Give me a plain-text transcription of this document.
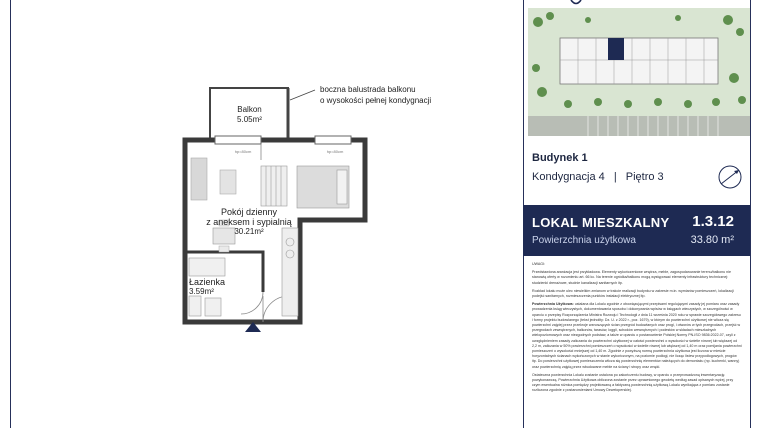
Balkon
5.05m²
hp=80cm	hp=80cm
Pokój dzienny
z aneksem i sypialnią
30.21m²
Łazienka
3.59m²
boczna balustrada balkonu
o wysokości pełnej kondygnacji
Budynek 1
Kondygnacja 4 | Piętro 3
LOKAL MIESZKALNY
Powierzchnia użytkowa
1.3.12
33.80 m²

UWAGI:

Przedstawiona aranżacja jest przykładowa. Elementy wykończeniowe wnętrza, meble, zagospodarowanie terenu/balkonu nie stanowią oferty w rozumieniu art. 66 kc. Na terenie ogródka/balkonu mogą występować elementy infrastruktury technicznej: studzienki drenażowe, studnie kanalizacji sanitarnych itp.

Rozkład lokalu może ulec niewielkim zmianom w trakcie realizacji budynku w zakresie m.in. wymiarów pomieszczeń, lokalizacji podejść sanitarnych, rozmieszczenia punktów instalacji elektrycznej itp.

Powierzchnia Użytkowa: ustalana dla Lokalu zgodnie z obowiązującymi przepisami regulującymi zasady jej pomiaru oraz zasady prowadzenia ksiąg wieczystych, dokumentowania sposobu i dokonywania wpisów w księgach wieczystych, w szczególności w oparciu o przepisy Rozporządzenia Ministra Rozwoju i Technologii z dnia 11 września 2020 roku w sprawie szczegółowego zakresu i formy projektu budowlanego (tekst jednolity: Dz. U. z 2022 r., poz. 1679), w którym do powierzchni użytkowej nie wlicza się powierzchni zajętej przez przekroje wznoszących ścian przegród budowlanych oraz progi, i otworów w tych przegrodach, przejść w przegrodach zewnętrznych, balkonów, tarasów, loggii, schodów wewnętrznych i podestów w składach mieszkalnych wielopoziomowych oraz niezgodnych podstaw, a także w oparciu o postanowienie Polskiej Normy PN-ISO 9836:2022-07, czyli z uwzględnieniem zasady zaliczania do powierzchni użytkowej w całości powierzchni o wysokości w świetle równej lub większej od 2,2 m, zaliczania w 50% powierzchni pomieszczeń o wysokości w świetle równej lub większej od 1,40 m oraz pomijania powierzchni pomieszczeń o wysokości mniejszej od 1,40 m. Zgodnie z powyższą normą powierzchnia użytkowa jest liczona w mieście horyzontalnych ścianach wykończonych w stanie wykończonym, na poziomie podłogi, nie licząc listew przypodłogowych, progów itp. Do powierzchni użytkowej pomieszczenia wlicza się powierzchnię elementów należących do demontażu (np. kuchenki, wanny) oraz powierzchnię zajętą przez wbudowane meble na ściany i stropy oraz wnęki.

Ostateczna powierzchnia Lokalu zostanie ustalona po zakończeniu budowy, w oparciu o przeprowadzoną inwentaryzację powykonawczą. Powierzchnia Użytkowa obliczona zostanie przez uprawnionego geodetę według zasad opisanych wyżej, przy czym ewentualna różnica pomiędzy projektowaną a faktyczną powierzchnią użytkową Lokalu wynikająca z pomiaru zostanie rozliczona zgodnie z postanowieniami Umowy Deweloperskiej.
